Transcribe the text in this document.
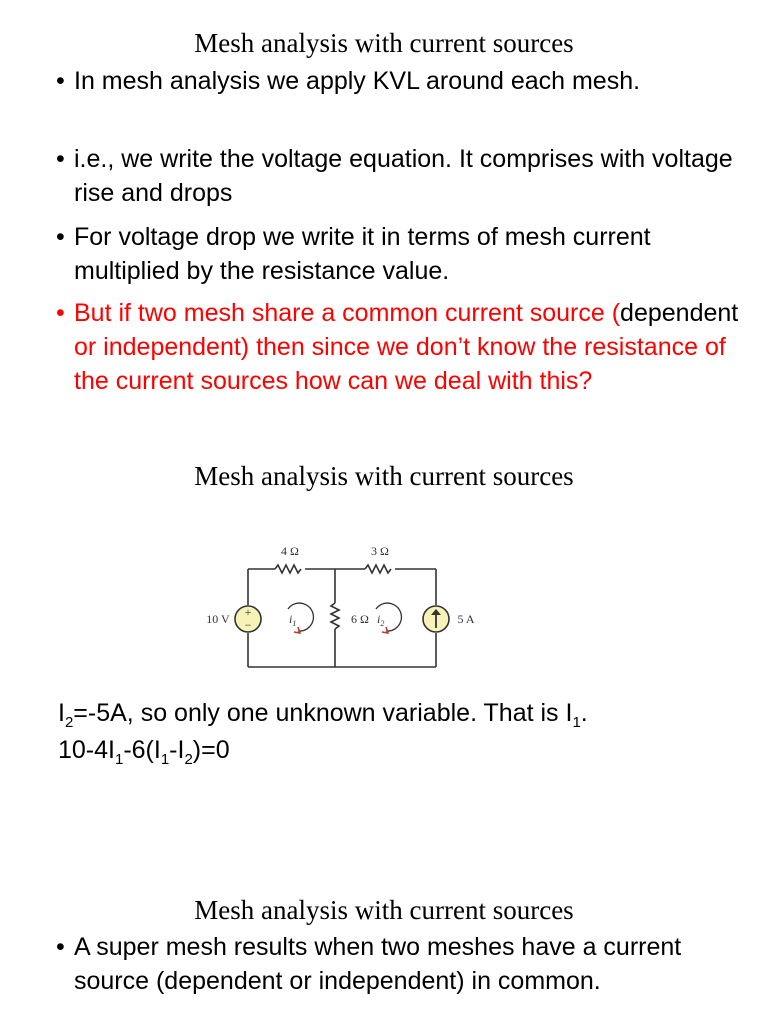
Mesh analysis with current sources
• In mesh analysis we apply KVL around each mesh.
• i.e., we write the voltage equation. It comprises with voltage rise and drops
• For voltage drop we write it in terms of mesh current multiplied by the resistance value.
• But if two mesh share a common current source (dependent or independent) then since we don’t know the resistance of the current sources how can we deal with this?
Mesh analysis with current sources
+
−
4 Ω	3 Ω
6 Ω
10 V	5 A
$i_1$	$i_2$
$I_2=-5A$, so only one unknown variable. That is $I_1$.
$10-4I_1-6(I_1-I_2)=0$
Mesh analysis with current sources
• A super mesh results when two meshes have a current source (dependent or independent) in common.
